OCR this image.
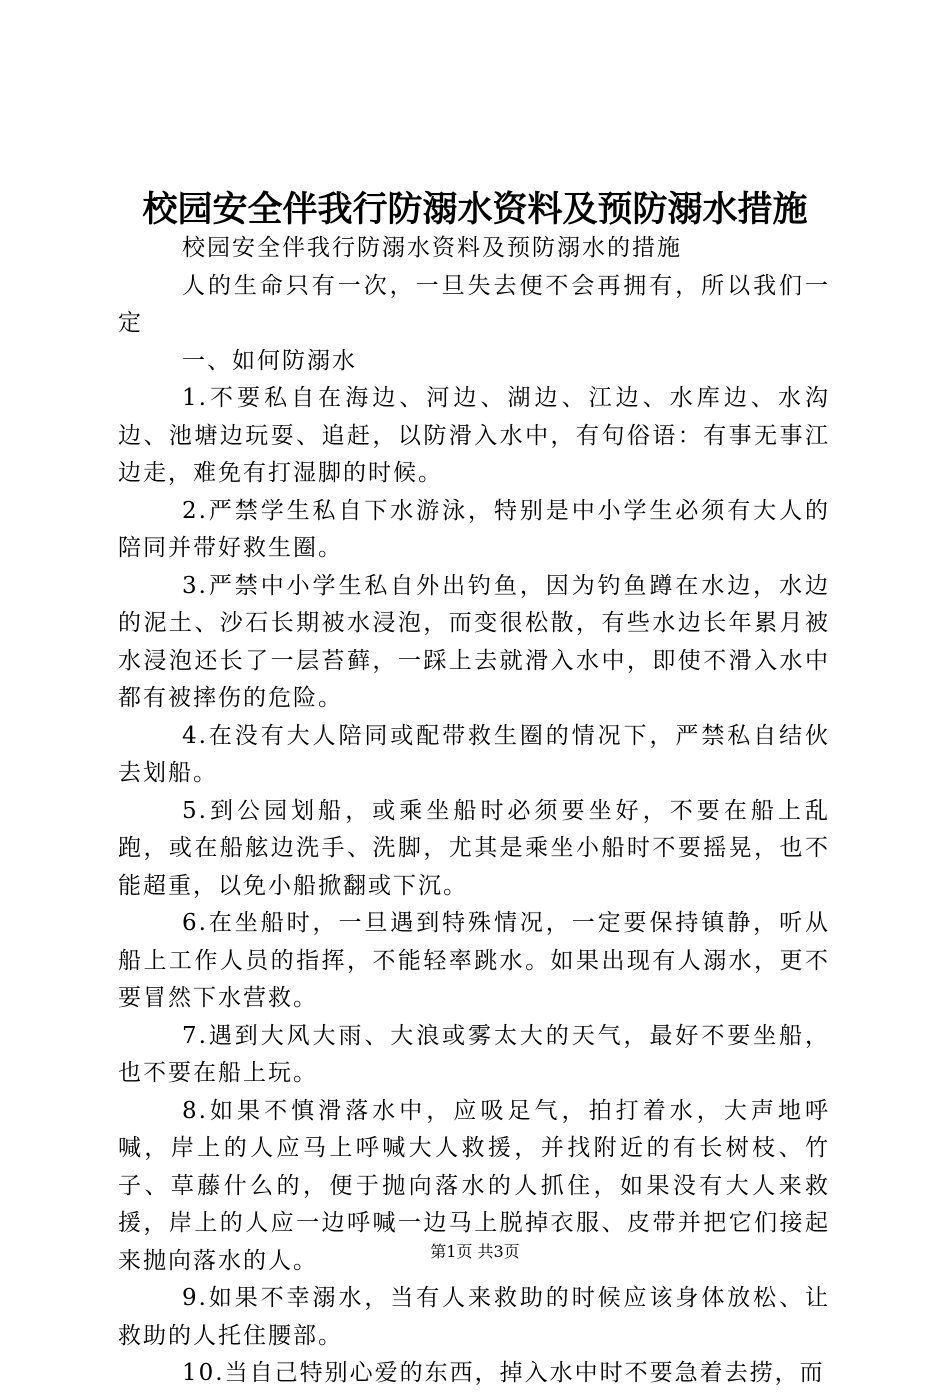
校园安全伴我行防溺水资料及预防溺水措施

校园安全伴我行防溺水资料及预防溺水的措施

人的生命只有一次，一旦失去便不会再拥有，所以我们一定

一、如何防溺水

1.不要私自在海边、河边、湖边、江边、水库边、水沟边、池塘边玩耍、追赶，以防滑入水中，有句俗语：有事无事江边走，难免有打湿脚的时候。

2.严禁学生私自下水游泳，特别是中小学生必须有大人的陪同并带好救生圈。

3.严禁中小学生私自外出钓鱼，因为钓鱼蹲在水边，水边的泥土、沙石长期被水浸泡，而变很松散，有些水边长年累月被水浸泡还长了一层苔藓，一踩上去就滑入水中，即使不滑入水中都有被摔伤的危险。

4.在没有大人陪同或配带救生圈的情况下，严禁私自结伙去划船。

5.到公园划船，或乘坐船时必须要坐好，不要在船上乱跑，或在船舷边洗手、洗脚，尤其是乘坐小船时不要摇晃，也不能超重，以免小船掀翻或下沉。

6.在坐船时，一旦遇到特殊情况，一定要保持镇静，听从船上工作人员的指挥，不能轻率跳水。如果出现有人溺水，更不要冒然下水营救。

7.遇到大风大雨、大浪或雾太大的天气，最好不要坐船，也不要在船上玩。

8.如果不慎滑落水中，应吸足气，拍打着水，大声地呼喊，岸上的人应马上呼喊大人救援，并找附近的有长树枝、竹子、草藤什么的，便于抛向落水的人抓住，如果没有大人来救援，岸上的人应一边呼喊一边马上脱掉衣服、皮带并把它们接起来抛向落水的人。

9.如果不幸溺水，当有人来救助的时候应该身体放松、让救助的人托住腰部。

10.当自己特别心爱的东西，掉入水中时不要急着去捞，而

第1页 共3页
